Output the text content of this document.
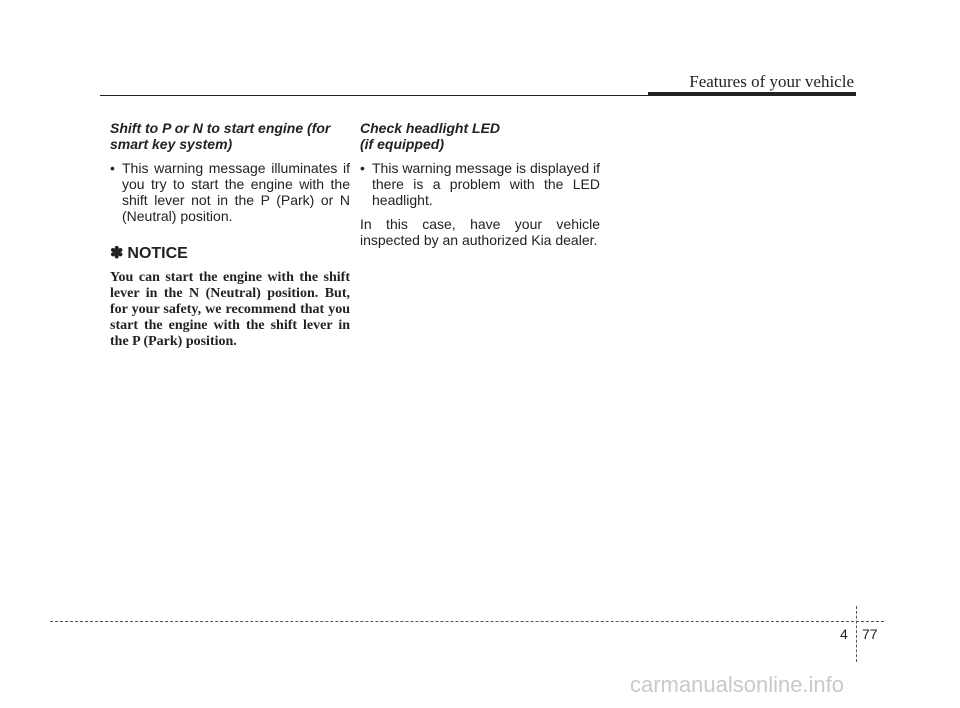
Features of your vehicle

Shift to P or N to start engine (for smart key system)

• This warning message illuminates if you try to start the engine with the shift lever not in the P (Park) or N (Neutral) position.
✽ NOTICE

You can start the engine with the shift lever in the N (Neutral) position. But, for your safety, we recommend that you start the engine with the shift lever in the P (Park) position.

Check headlight LED
(if equipped)

• This warning message is displayed if there is a problem with the LED headlight.

In this case, have your vehicle inspected by an authorized Kia dealer.

4 77
carmanualsonline.info
